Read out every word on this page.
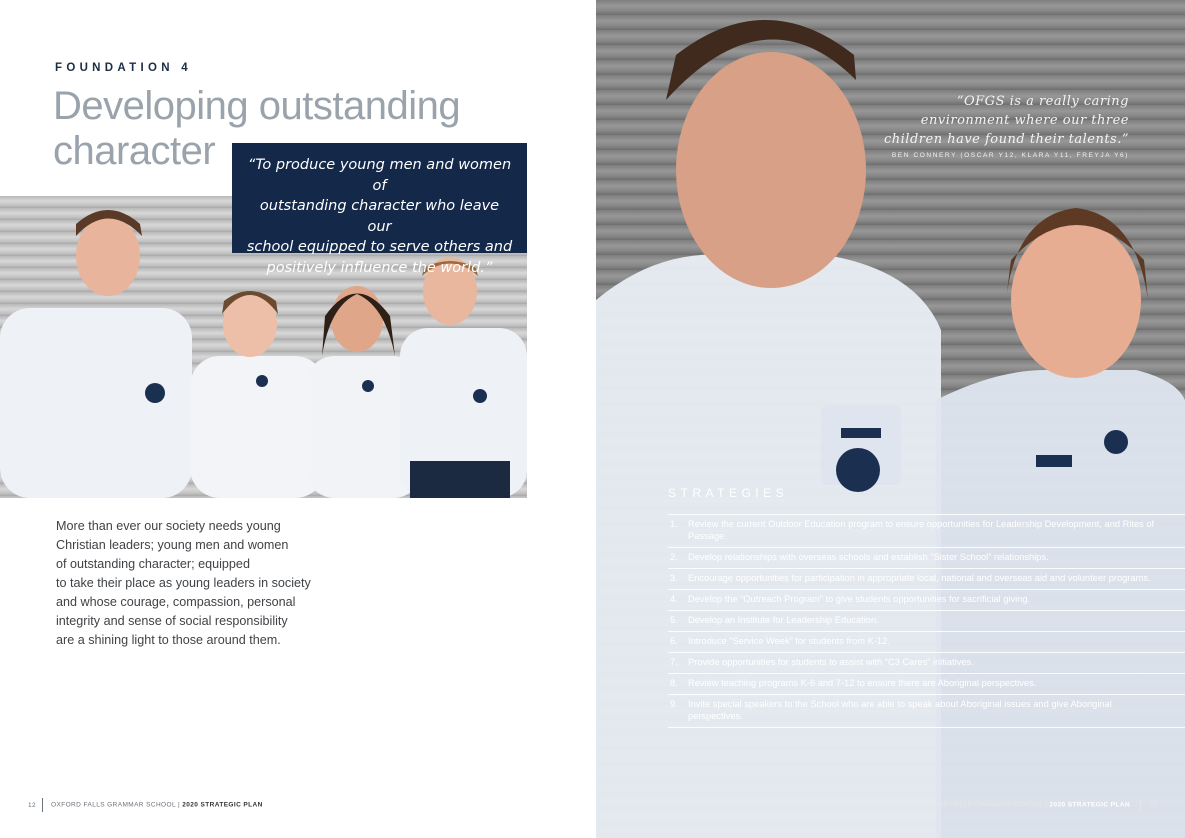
FOUNDATION 4
Developing outstanding
character	“To produce young men and women of
outstanding character who leave our
school equipped to serve others and
positively influence the world.”
More than ever our society needs young
Christian leaders; young men and women
of outstanding character; equipped
to take their place as young leaders in society
and whose courage, compassion, personal
integrity and sense of social responsibility
are a shining light to those around them.
12 OXFORD FALLS GRAMMAR SCHOOL | 2020 STRATEGIC PLAN
“OFGS is a really caring
environment where our three
children have found their talents.”
BEN CONNERY (OSCAR Y12, KLARA Y11, FREYJA Y6)
STRATEGIES
1.	Review the current Outdoor Education program to ensure opportunities for Leadership Development, and Rites of Passage.
2.	Develop relationships with overseas schools and establish “Sister School” relationships.
3.	Encourage opportunities for participation in appropriate local, national and overseas aid and volunteer programs.
4.	Develop the “Outreach Program” to give students opportunities for sacrificial giving.
5.	Develop an Institute for Leadership Education.
6.	Introduce “Service Week” for students from K-12.
7.	Provide opportunities for students to assist with “C3 Cares” initiatives.
8.	Review teaching programs K-6 and 7-12 to ensure there are Aboriginal perspectives.
9.	Invite special speakers to the School who are able to speak about Aboriginal issues and give Aboriginal perspectives.
OXFORD FALLS GRAMMAR SCHOOL | 2020 STRATEGIC PLAN	13
